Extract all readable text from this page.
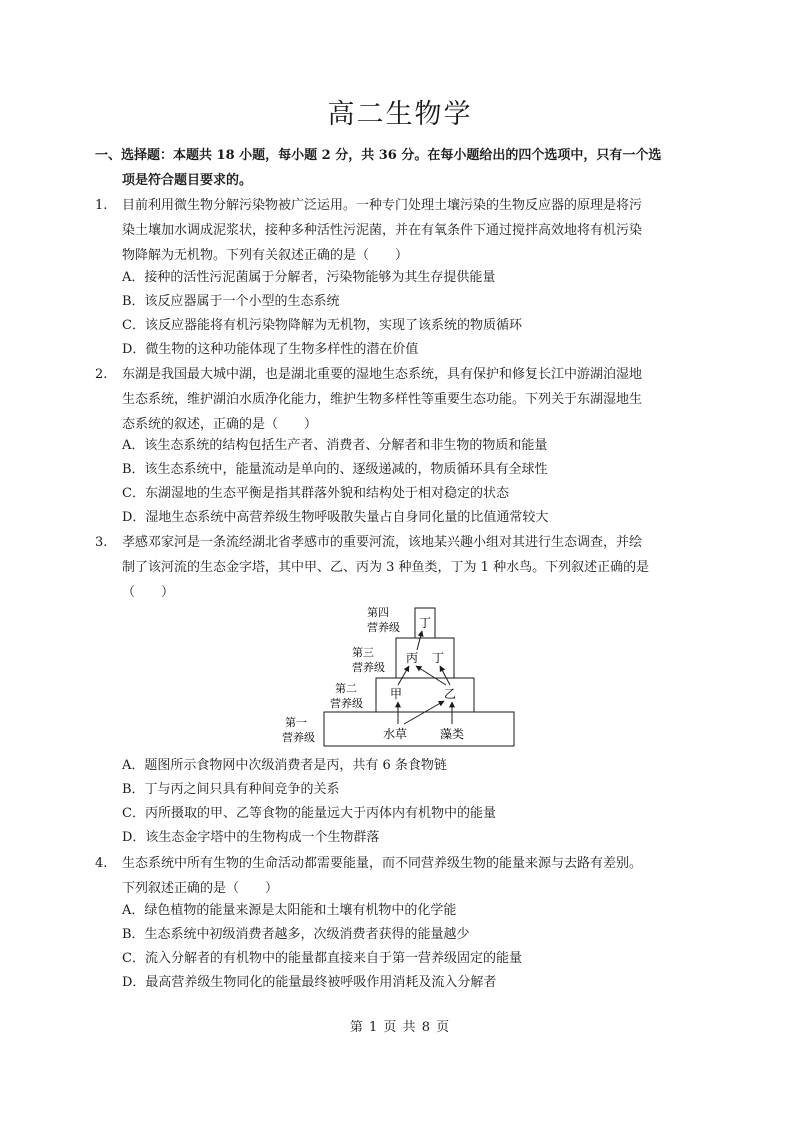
高二生物学
一、选择题：本题共 18 小题，每小题 2 分，共 36 分。在每小题给出的四个选项中，只有一个选
项是符合题目要求的。
1.	目前利用微生物分解污染物被广泛运用。一种专门处理土壤污染的生物反应器的原理是将污
染土壤加水调成泥浆状，接种多种活性污泥菌，并在有氧条件下通过搅拌高效地将有机污染
物降解为无机物。下列有关叙述正确的是（　　）
A．接种的活性污泥菌属于分解者，污染物能够为其生存提供能量
B．该反应器属于一个小型的生态系统
C．该反应器能将有机污染物降解为无机物，实现了该系统的物质循环
D．微生物的这种功能体现了生物多样性的潜在价值
2.	东湖是我国最大城中湖，也是湖北重要的湿地生态系统，具有保护和修复长江中游湖泊湿地
生态系统，维护湖泊水质净化能力，维护生物多样性等重要生态功能。下列关于东湖湿地生
态系统的叙述，正确的是（　　）
A．该生态系统的结构包括生产者、消费者、分解者和非生物的物质和能量
B．该生态系统中，能量流动是单向的、逐级递减的，物质循环具有全球性
C．东湖湿地的生态平衡是指其群落外貌和结构处于相对稳定的状态
D．湿地生态系统中高营养级生物呼吸散失量占自身同化量的比值通常较大
3.	孝感邓家河是一条流经湖北省孝感市的重要河流，该地某兴趣小组对其进行生态调查，并绘
制了该河流的生态金字塔，其中甲、乙、丙为 3 种鱼类，丁为 1 种水鸟。下列叙述正确的是
（　　）
第四
营养级
第三
营养级
第二
营养级
第一
营养级
丁
丙 丁
甲	乙
水草	藻类
A．题图所示食物网中次级消费者是丙，共有 6 条食物链
B．丁与丙之间只具有种间竞争的关系
C．丙所摄取的甲、乙等食物的能量远大于丙体内有机物中的能量
D．该生态金字塔中的生物构成一个生物群落
4.	生态系统中所有生物的生命活动都需要能量，而不同营养级生物的能量来源与去路有差别。
下列叙述正确的是（　　）
A．绿色植物的能量来源是太阳能和土壤有机物中的化学能
B．生态系统中初级消费者越多，次级消费者获得的能量越少
C．流入分解者的有机物中的能量都直接来自于第一营养级固定的能量
D．最高营养级生物同化的能量最终被呼吸作用消耗及流入分解者
第 1 页 共 8 页
